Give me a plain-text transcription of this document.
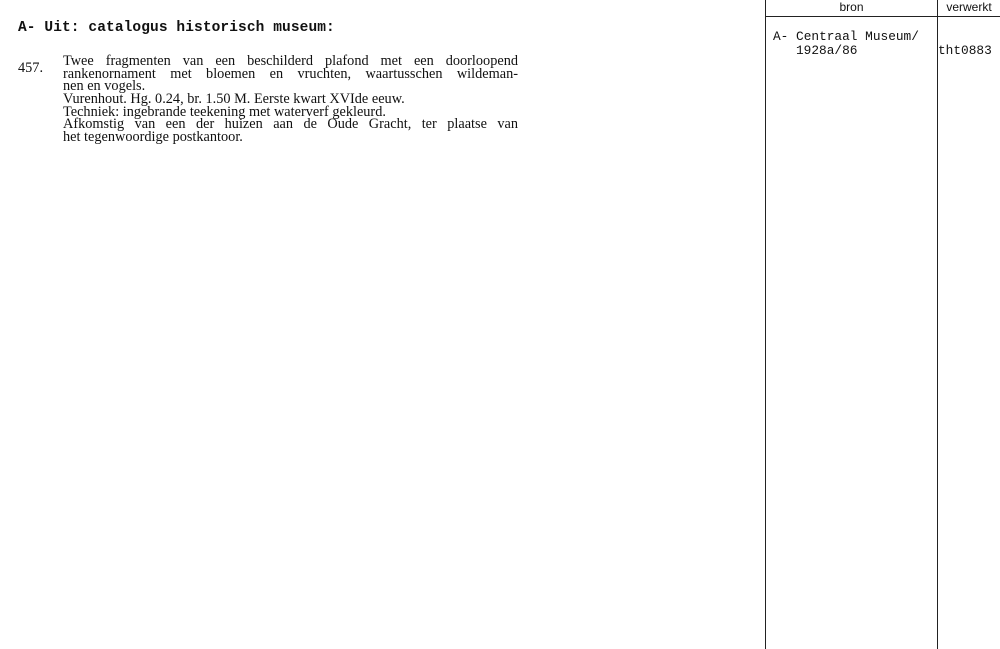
A- Uit: catalogus historisch museum:
457. Twee fragmenten van een beschilderd plafond met een doorloopend
rankenornament met bloemen en vruchten, waartusschen wildeman-
nen en vogels.
Vurenhout. Hg. 0.24, br. 1.50 M. Eerste kwart XVIde eeuw.
Techniek: ingebrande teekening met waterverf gekleurd.
Afkomstig van een der huizen aan de Oude Gracht, ter plaatse van
het tegenwoordige postkantoor.
bron	verwerkt
A- Centraal Museum/
1928a/86	tht0883
